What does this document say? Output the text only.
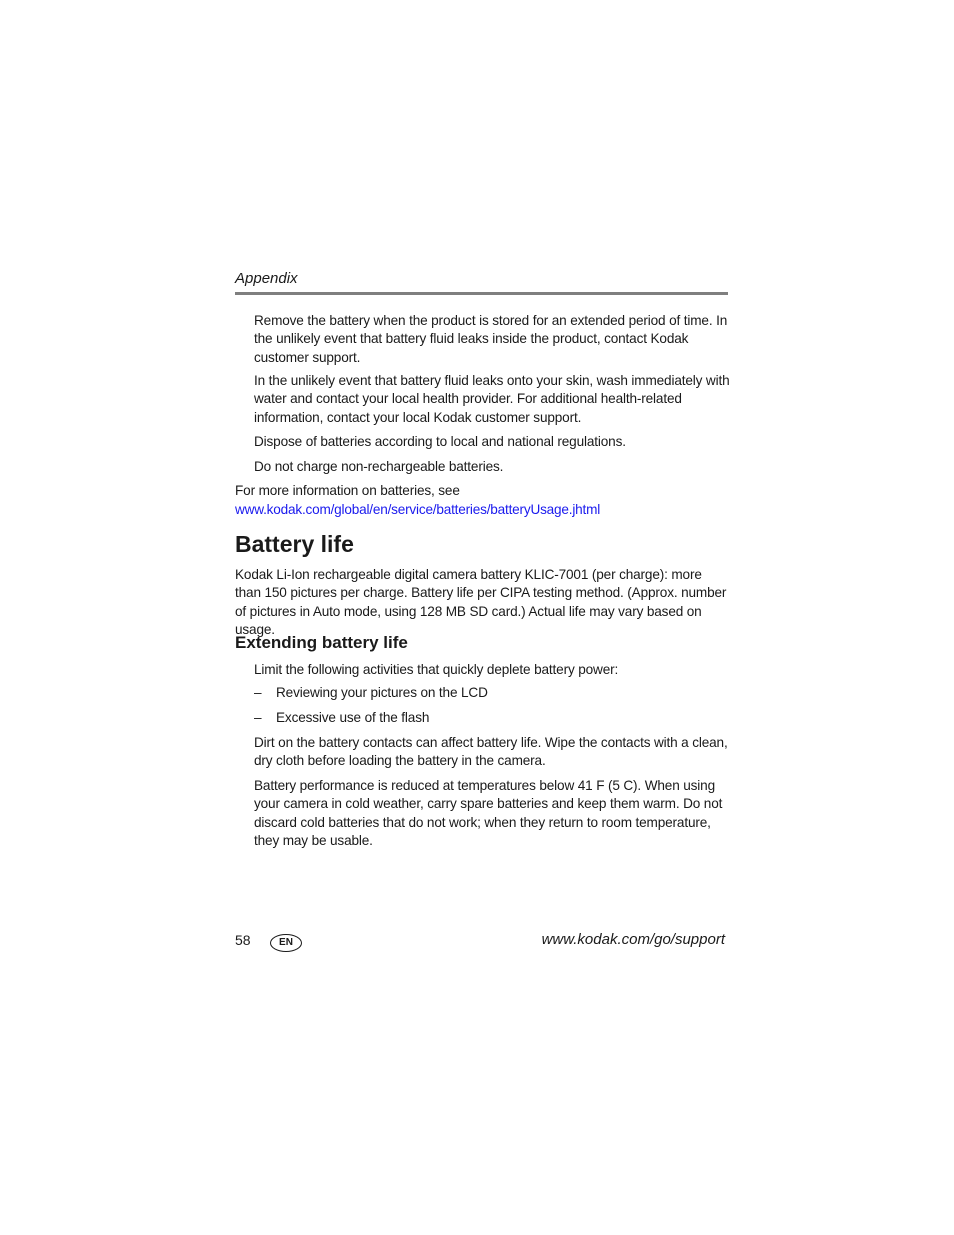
Appendix
Remove the battery when the product is stored for an extended period of time. In the unlikely event that battery fluid leaks inside the product, contact Kodak customer support.
In the unlikely event that battery fluid leaks onto your skin, wash immediately with water and contact your local health provider. For additional health-related information, contact your local Kodak customer support.
Dispose of batteries according to local and national regulations.
Do not charge non-rechargeable batteries.
For more information on batteries, see
www.kodak.com/global/en/service/batteries/batteryUsage.jhtml
Battery life
Kodak Li-Ion rechargeable digital camera battery KLIC-7001 (per charge): more than 150 pictures per charge. Battery life per CIPA testing method. (Approx. number of pictures in Auto mode, using 128 MB SD card.) Actual life may vary based on usage.
Extending battery life
Limit the following activities that quickly deplete battery power:
– Reviewing your pictures on the LCD
– Excessive use of the flash
Dirt on the battery contacts can affect battery life. Wipe the contacts with a clean, dry cloth before loading the battery in the camera.
Battery performance is reduced at temperatures below 41 F (5 C). When using your camera in cold weather, carry spare batteries and keep them warm. Do not discard cold batteries that do not work; when they return to room temperature, they may be usable.
58	EN	www.kodak.com/go/support
